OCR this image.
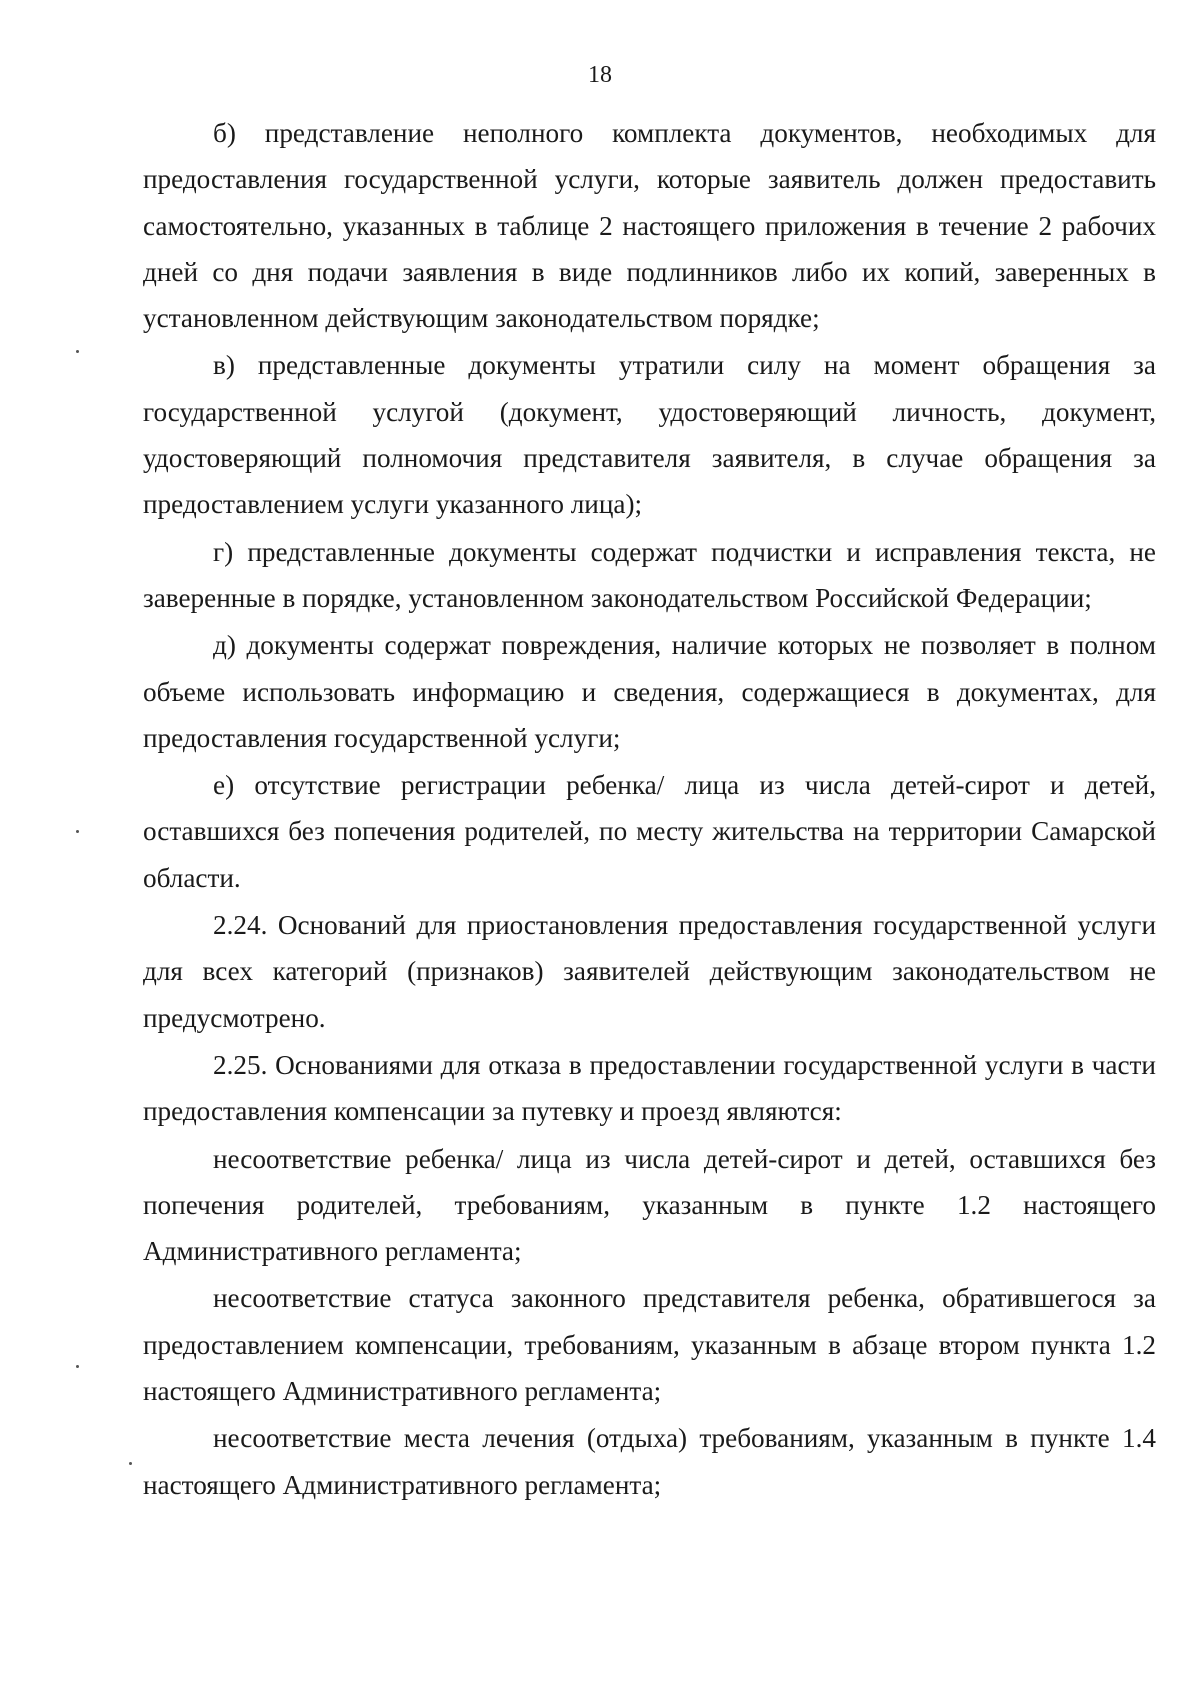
18

б) представление неполного комплекта документов, необходимых для предоставления государственной услуги, которые заявитель должен предоставить самостоятельно, указанных в таблице 2 настоящего приложения в течение 2 рабочих дней со дня подачи заявления в виде подлинников либо их копий, заверенных в установленном действующим законодательством порядке;

в) представленные документы утратили силу на момент обращения за государственной услугой (документ, удостоверяющий личность, документ, удостоверяющий полномочия представителя заявителя, в случае обращения за предоставлением услуги указанного лица);

г) представленные документы содержат подчистки и исправления текста, не заверенные в порядке, установленном законодательством Российской Федерации;

д) документы содержат повреждения, наличие которых не позволяет в полном объеме использовать информацию и сведения, содержащиеся в документах, для предоставления государственной услуги;

е) отсутствие регистрации ребенка/ лица из числа детей-сирот и детей, оставшихся без попечения родителей, по месту жительства на территории Самарской области.

2.24. Оснований для приостановления предоставления государственной услуги для всех категорий (признаков) заявителей действующим законодательством не предусмотрено.

2.25. Основаниями для отказа в предоставлении государственной услуги в части предоставления компенсации за путевку и проезд являются:

несоответствие ребенка/ лица из числа детей-сирот и детей, оставшихся без попечения родителей, требованиям, указанным в пункте 1.2 настоящего Административного регламента;

несоответствие статуса законного представителя ребенка, обратившегося за предоставлением компенсации, требованиям, указанным в абзаце втором пункта 1.2 настоящего Административного регламента;

несоответствие места лечения (отдыха) требованиям, указанным в пункте 1.4 настоящего Административного регламента;
